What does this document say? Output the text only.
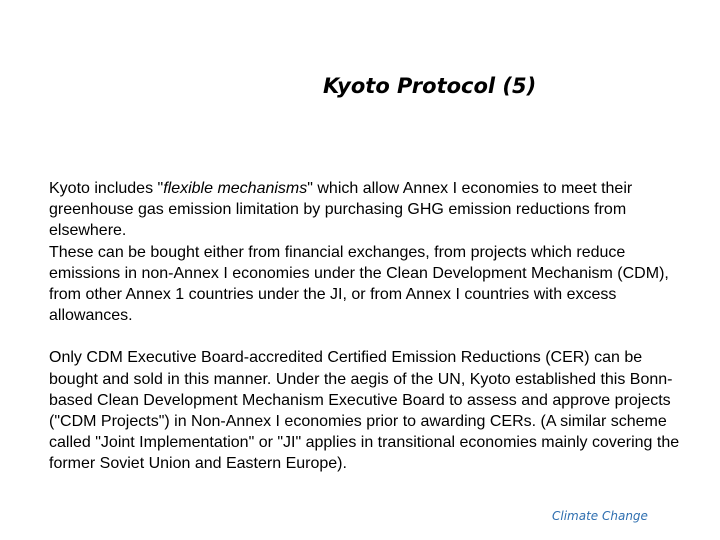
Kyoto Protocol (5)

Kyoto includes "flexible mechanisms" which allow Annex I economies to meet their greenhouse gas emission limitation by purchasing GHG emission reductions from elsewhere.
These can be bought either from financial exchanges, from projects which reduce emissions in non-Annex I economies under the Clean Development Mechanism (CDM), from other Annex 1 countries under the JI, or from Annex I countries with excess allowances.

Only CDM Executive Board-accredited Certified Emission Reductions (CER) can be bought and sold in this manner. Under the aegis of the UN, Kyoto established this Bonn-based Clean Development Mechanism Executive Board to assess and approve projects ("CDM Projects") in Non-Annex I economies prior to awarding CERs. (A similar scheme called "Joint Implementation" or "JI" applies in transitional economies mainly covering the former Soviet Union and Eastern Europe).

Climate Change
